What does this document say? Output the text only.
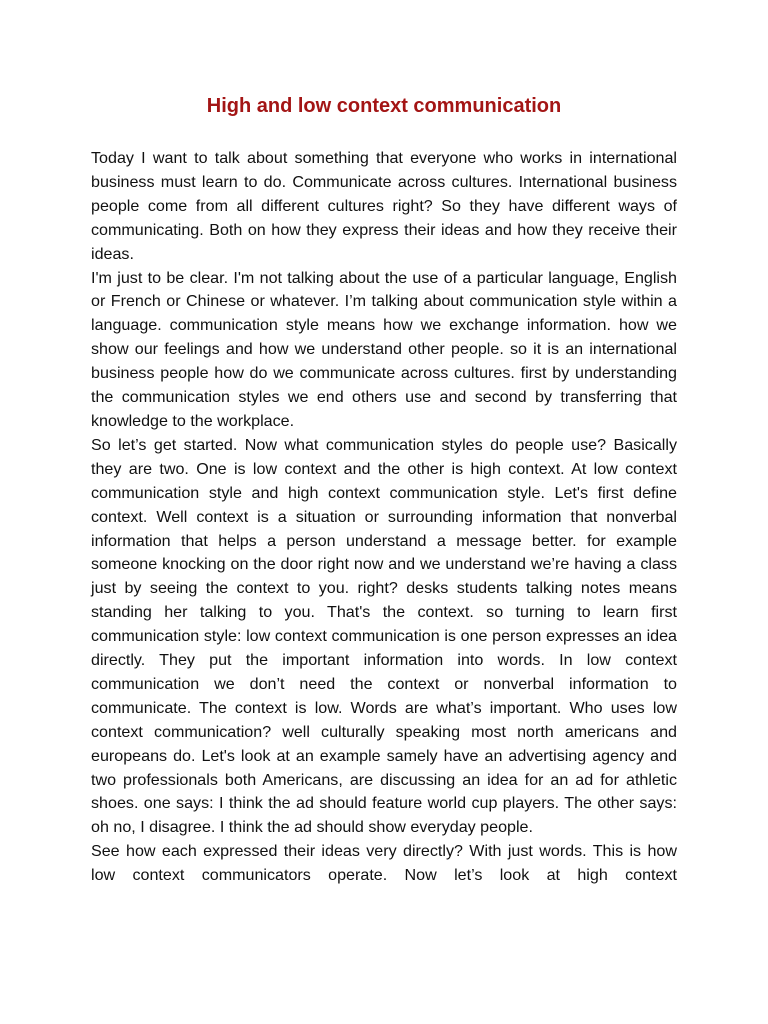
High and low context communication

Today I want to talk about something that everyone who works in international business must learn to do. Communicate across cultures. International business people come from all different cultures right? So they have different ways of communicating. Both on how they express their ideas and how they receive their ideas.

I'm just to be clear. I'm not talking about the use of a particular language, English or French or Chinese or whatever. I’m talking about communication style within a language. communication style means how we exchange information. how we show our feelings and how we understand other people. so it is an international business people how do we communicate across cultures. first by understanding the communication styles we end others use and second by transferring that knowledge to the workplace.

So let’s get started. Now what communication styles do people use? Basically they are two. One is low context and the other is high context. At low context communication style and high context communication style. Let's first define context. Well context is a situation or surrounding information that nonverbal information that helps a person understand a message better. for example someone knocking on the door right now and we understand we’re having a class just by seeing the context to you. right? desks students talking notes means standing her talking to you. That's the context. so turning to learn first communication style: low context communication is one person expresses an idea directly. They put the important information into words. In low context communication we don’t need the context or nonverbal information to communicate. The context is low. Words are what’s important. Who uses low context communication? well culturally speaking most north americans and europeans do. Let's look at an example samely have an advertising agency and two professionals both Americans, are discussing an idea for an ad for athletic shoes. one says: I think the ad should feature world cup players. The other says: oh no, I disagree. I think the ad should show everyday people.

See how each expressed their ideas very directly? With just words. This is how low context communicators operate. Now let’s look at high context
